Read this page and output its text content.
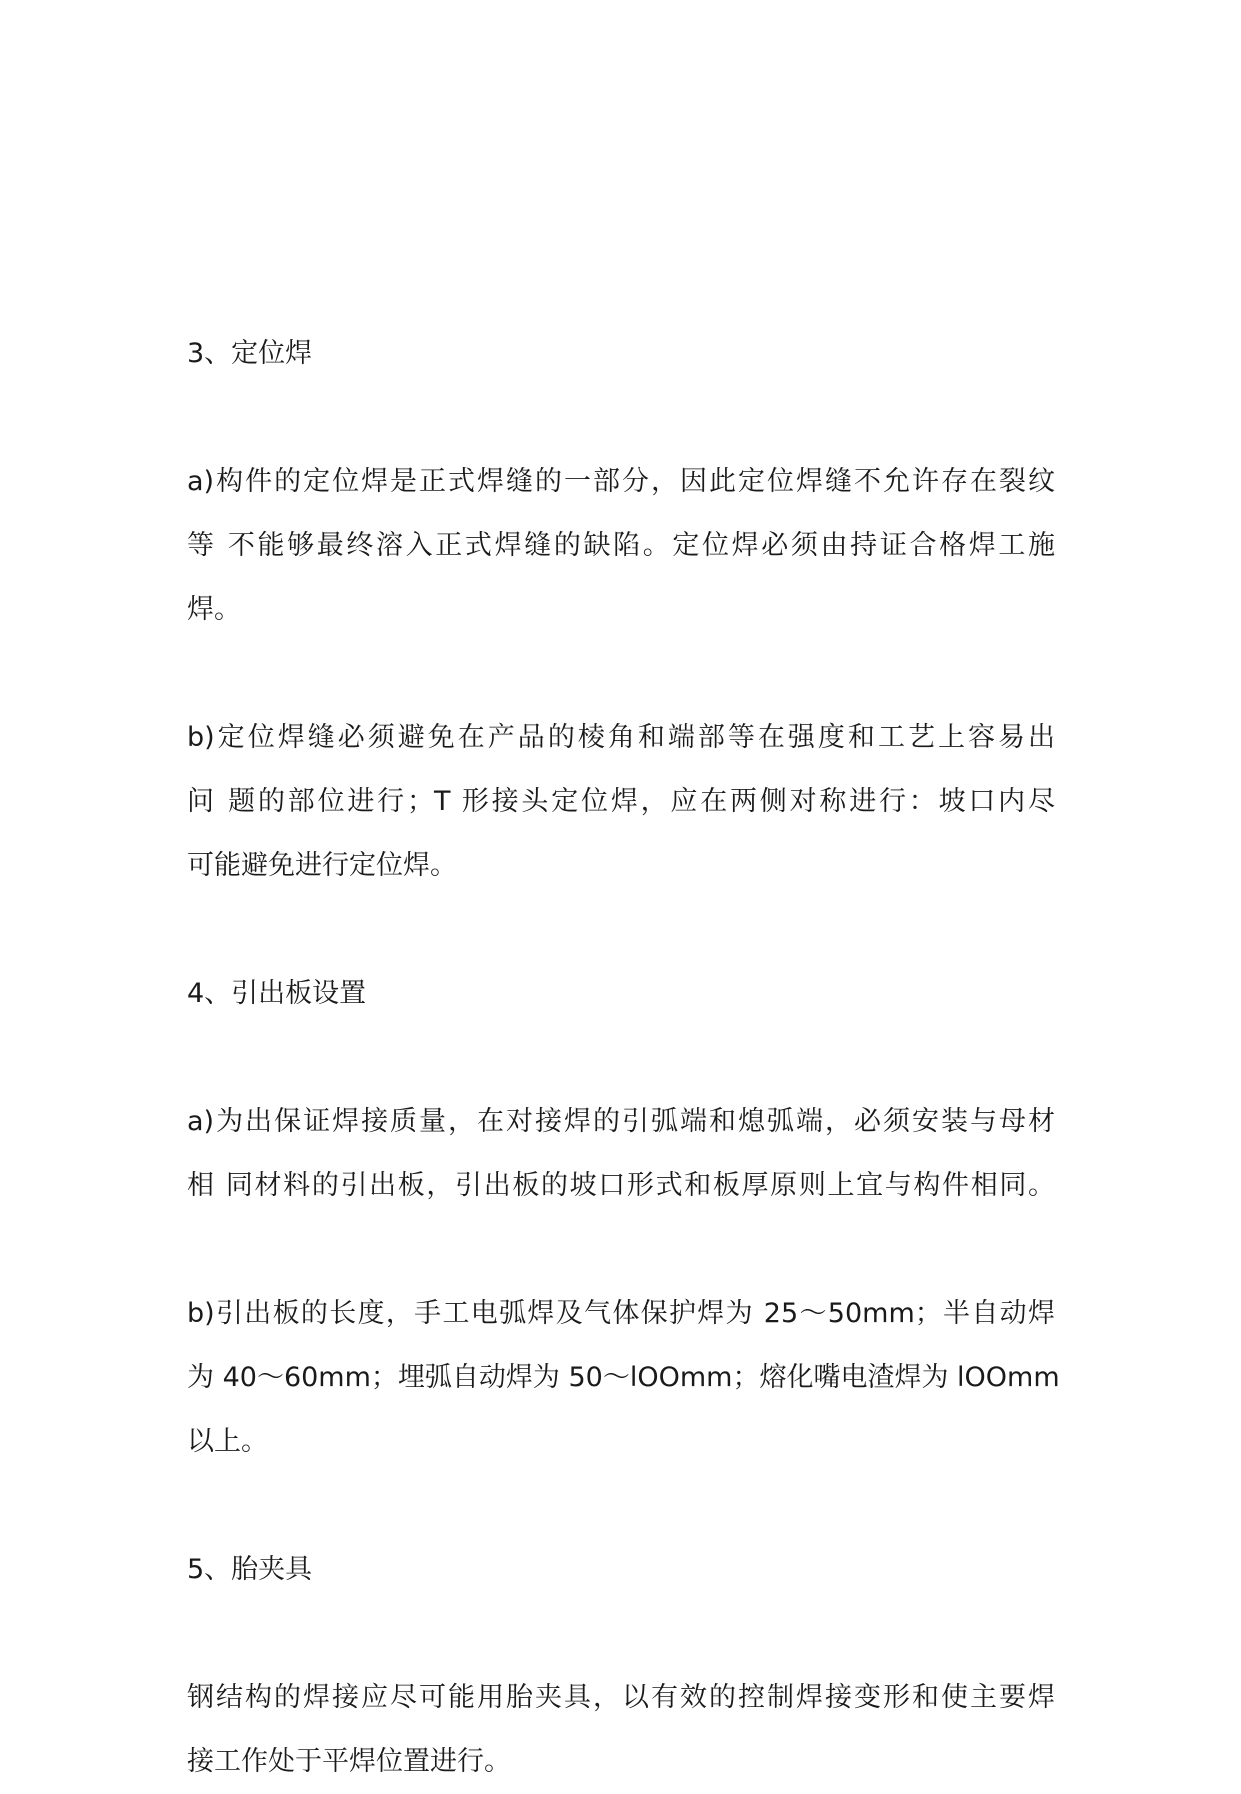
3、定位焊
a)构件的定位焊是正式焊缝的一部分，因此定位焊缝不允许存在裂纹
等 不能够最终溶入正式焊缝的缺陷。定位焊必须由持证合格焊工施
焊。
b)定位焊缝必须避免在产品的棱角和端部等在强度和工艺上容易出
问 题的部位进行；T 形接头定位焊，应在两侧对称进行：坡口内尽
可能避免进行定位焊。
4、引出板设置
a)为出保证焊接质量，在对接焊的引弧端和熄弧端，必须安装与母材
相 同材料的引出板，引出板的坡口形式和板厚原则上宜与构件相同。
b)引出板的长度，手工电弧焊及气体保护焊为 25～50mm；半自动焊
为 40～60mm；埋弧自动焊为 50～lOOmm；熔化嘴电渣焊为 lOOmm
以上。
5、胎夹具
钢结构的焊接应尽可能用胎夹具，以有效的控制焊接变形和使主要焊
接工作处于平焊位置进行。
